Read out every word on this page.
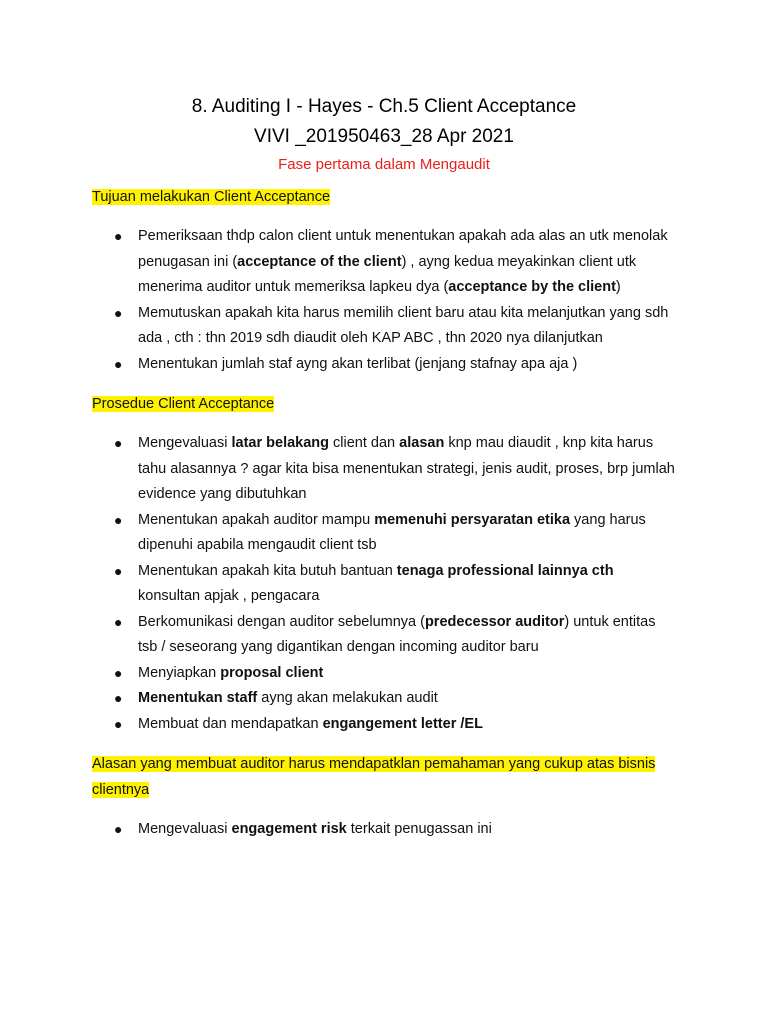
8. Auditing I - Hayes - Ch.5 Client Acceptance
VIVI _201950463_28 Apr 2021
Fase pertama dalam Mengaudit
Tujuan melakukan Client Acceptance
● Pemeriksaan thdp calon client untuk menentukan apakah ada alas an utk menolak penugasan ini (acceptance of the client) , ayng kedua meyakinkan client utk menerima auditor untuk memeriksa lapkeu dya (acceptance by the client)
● Memutuskan apakah kita harus memilih client baru atau kita melanjutkan yang sdh ada , cth : thn 2019 sdh diaudit oleh KAP ABC , thn 2020 nya dilanjutkan
● Menentukan jumlah staf ayng akan terlibat (jenjang stafnay apa aja )
Prosedue Client Acceptance
● Mengevaluasi latar belakang client dan alasan knp mau diaudit , knp kita harus tahu alasannya ? agar kita bisa menentukan strategi, jenis audit, proses, brp jumlah evidence yang dibutuhkan
● Menentukan apakah auditor mampu memenuhi persyaratan etika yang harus dipenuhi apabila mengaudit client tsb
● Menentukan apakah kita butuh bantuan tenaga professional lainnya cth konsultan apjak , pengacara
● Berkomunikasi dengan auditor sebelumnya (predecessor auditor) untuk entitas tsb / seseorang yang digantikan dengan incoming auditor baru
● Menyiapkan proposal client
● Menentukan staff ayng akan melakukan audit
● Membuat dan mendapatkan engangement letter /EL
Alasan yang membuat auditor harus mendapatklan pemahaman yang cukup atas bisnis clientnya
● Mengevaluasi engagement risk terkait penugassan ini
